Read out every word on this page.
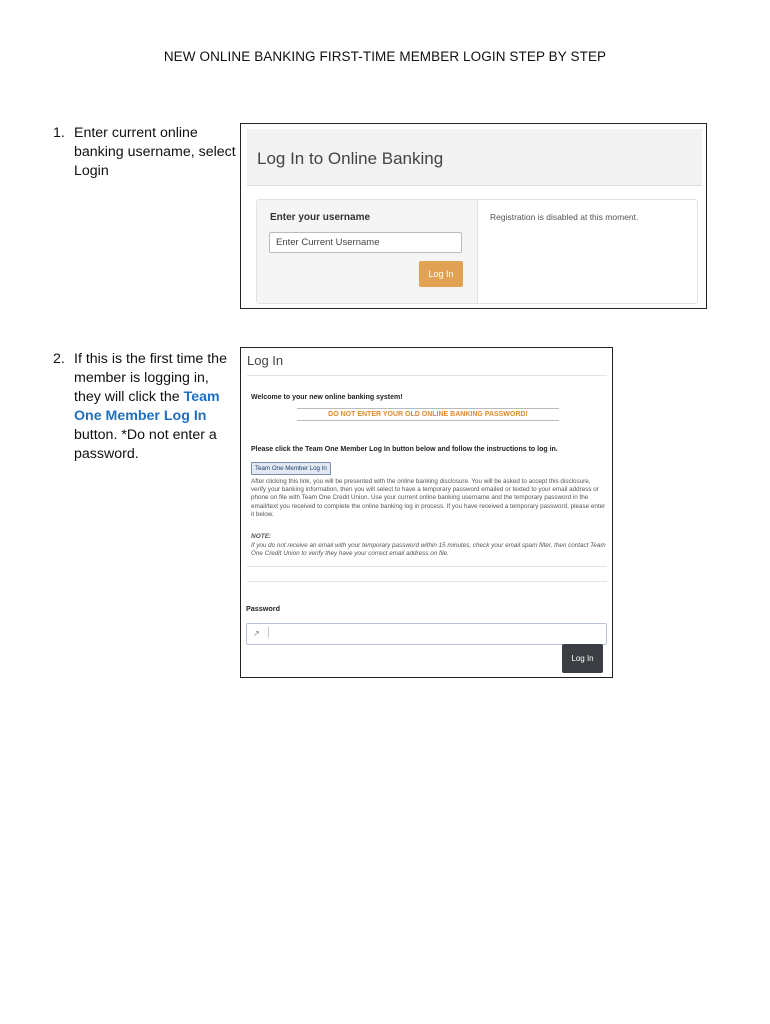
NEW ONLINE BANKING FIRST-TIME MEMBER LOGIN STEP BY STEP
1. Enter current online banking username, select Login
Log In to Online Banking
Enter your username
Enter Current Username
Log In
Registration is disabled at this moment.
2. If this is the first time the member is logging in, they will click the Team One Member Log In button. *Do not enter a password.
Log In
Welcome to your new online banking system!
DO NOT ENTER YOUR OLD ONLINE BANKING PASSWORD!
Please click the Team One Member Log In button below and follow the instructions to log in.
Team One Member Log In
After clicking this link, you will be presented with the online banking disclosure. You will be asked to accept this disclosure, verify your banking information, then you will select to have a temporary password emailed or texted to your email address or phone on file with Team One Credit Union. Use your current online banking username and the temporary password in the email/text you received to complete the online banking log in process. If you have received a temporary password, please enter it below.
NOTE:
If you do not receive an email with your temporary password within 15 minutes, check your email spam filter, then contact Team One Credit Union to verify they have your correct email address on file.
Password
↗ │
Log In
